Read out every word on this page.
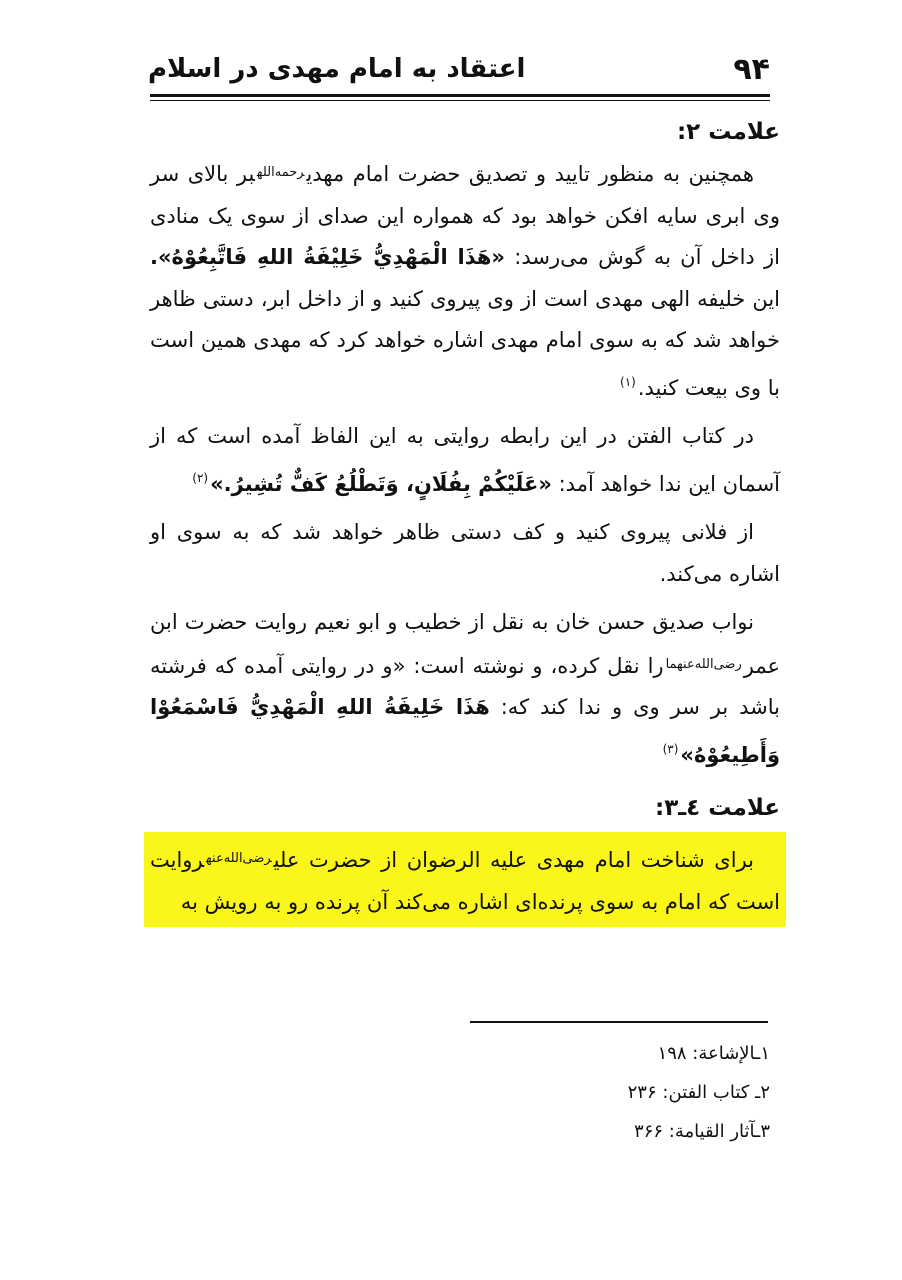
۹۴
اعتقاد به امام مهدی در اسلام
علامت ۲:

همچنین به منظور تایید و تصدیق حضرت امام مهدی$^{رحمه‌الله}$بر بالای سر وی ابری سایه افکن خواهد بود که همواره این صدای از سوی یک منادی از داخل آن به گوش می‌رسد: «هَذَا الْمَهْدِيُّ خَلِيْفَةُ اللهِ فَاتَّبِعُوْهُ». این خلیفه الهی مهدی است از وی پیروی کنید و از داخل ابر، دستی ظاهر خواهد شد که به سوی امام مهدی اشاره خواهد کرد که مهدی همین است با وی بیعت کنید.$^{(۱)}$

در کتاب الفتن در این رابطه روایتی به این الفاظ آمده است که از آسمان این ندا خواهد آمد: «عَلَيْكُمْ بِفُلَانٍ، وَتَطْلُعُ كَفٌّ تُشِيرُ.»$^{(۲)}$

از فلانی پیروی کنید و کف دستی ظاهر خواهد شد که به سوی او اشاره می‌کند.

نواب صدیق حسن خان به نقل از خطیب و ابو نعیم روایت حضرت ابن عمر$^{رضی‌الله‌عنهما}$را نقل کرده، و نوشته است: «و در روایتی آمده که فرشته باشد بر سر وی و ندا کند که: هَذَا خَلِيفَةُ اللهِ الْمَهْدِيُّ فَاسْمَعُوْا وَأَطِيعُوْهُ»$^{(۳)}$

علامت ٤ـ۳:

برای شناخت امام مهدی علیه الرضوان از حضرت علی$^{رضی‌الله‌عنه}$روایت است که امام به سوی پرنده‌ای اشاره می‌کند آن پرنده رو به رویش به

۱ـالإشاعة: ۱۹۸

۲ـ کتاب الفتن: ۲۳۶

۳ـآثار القیامة: ۳۶۶
